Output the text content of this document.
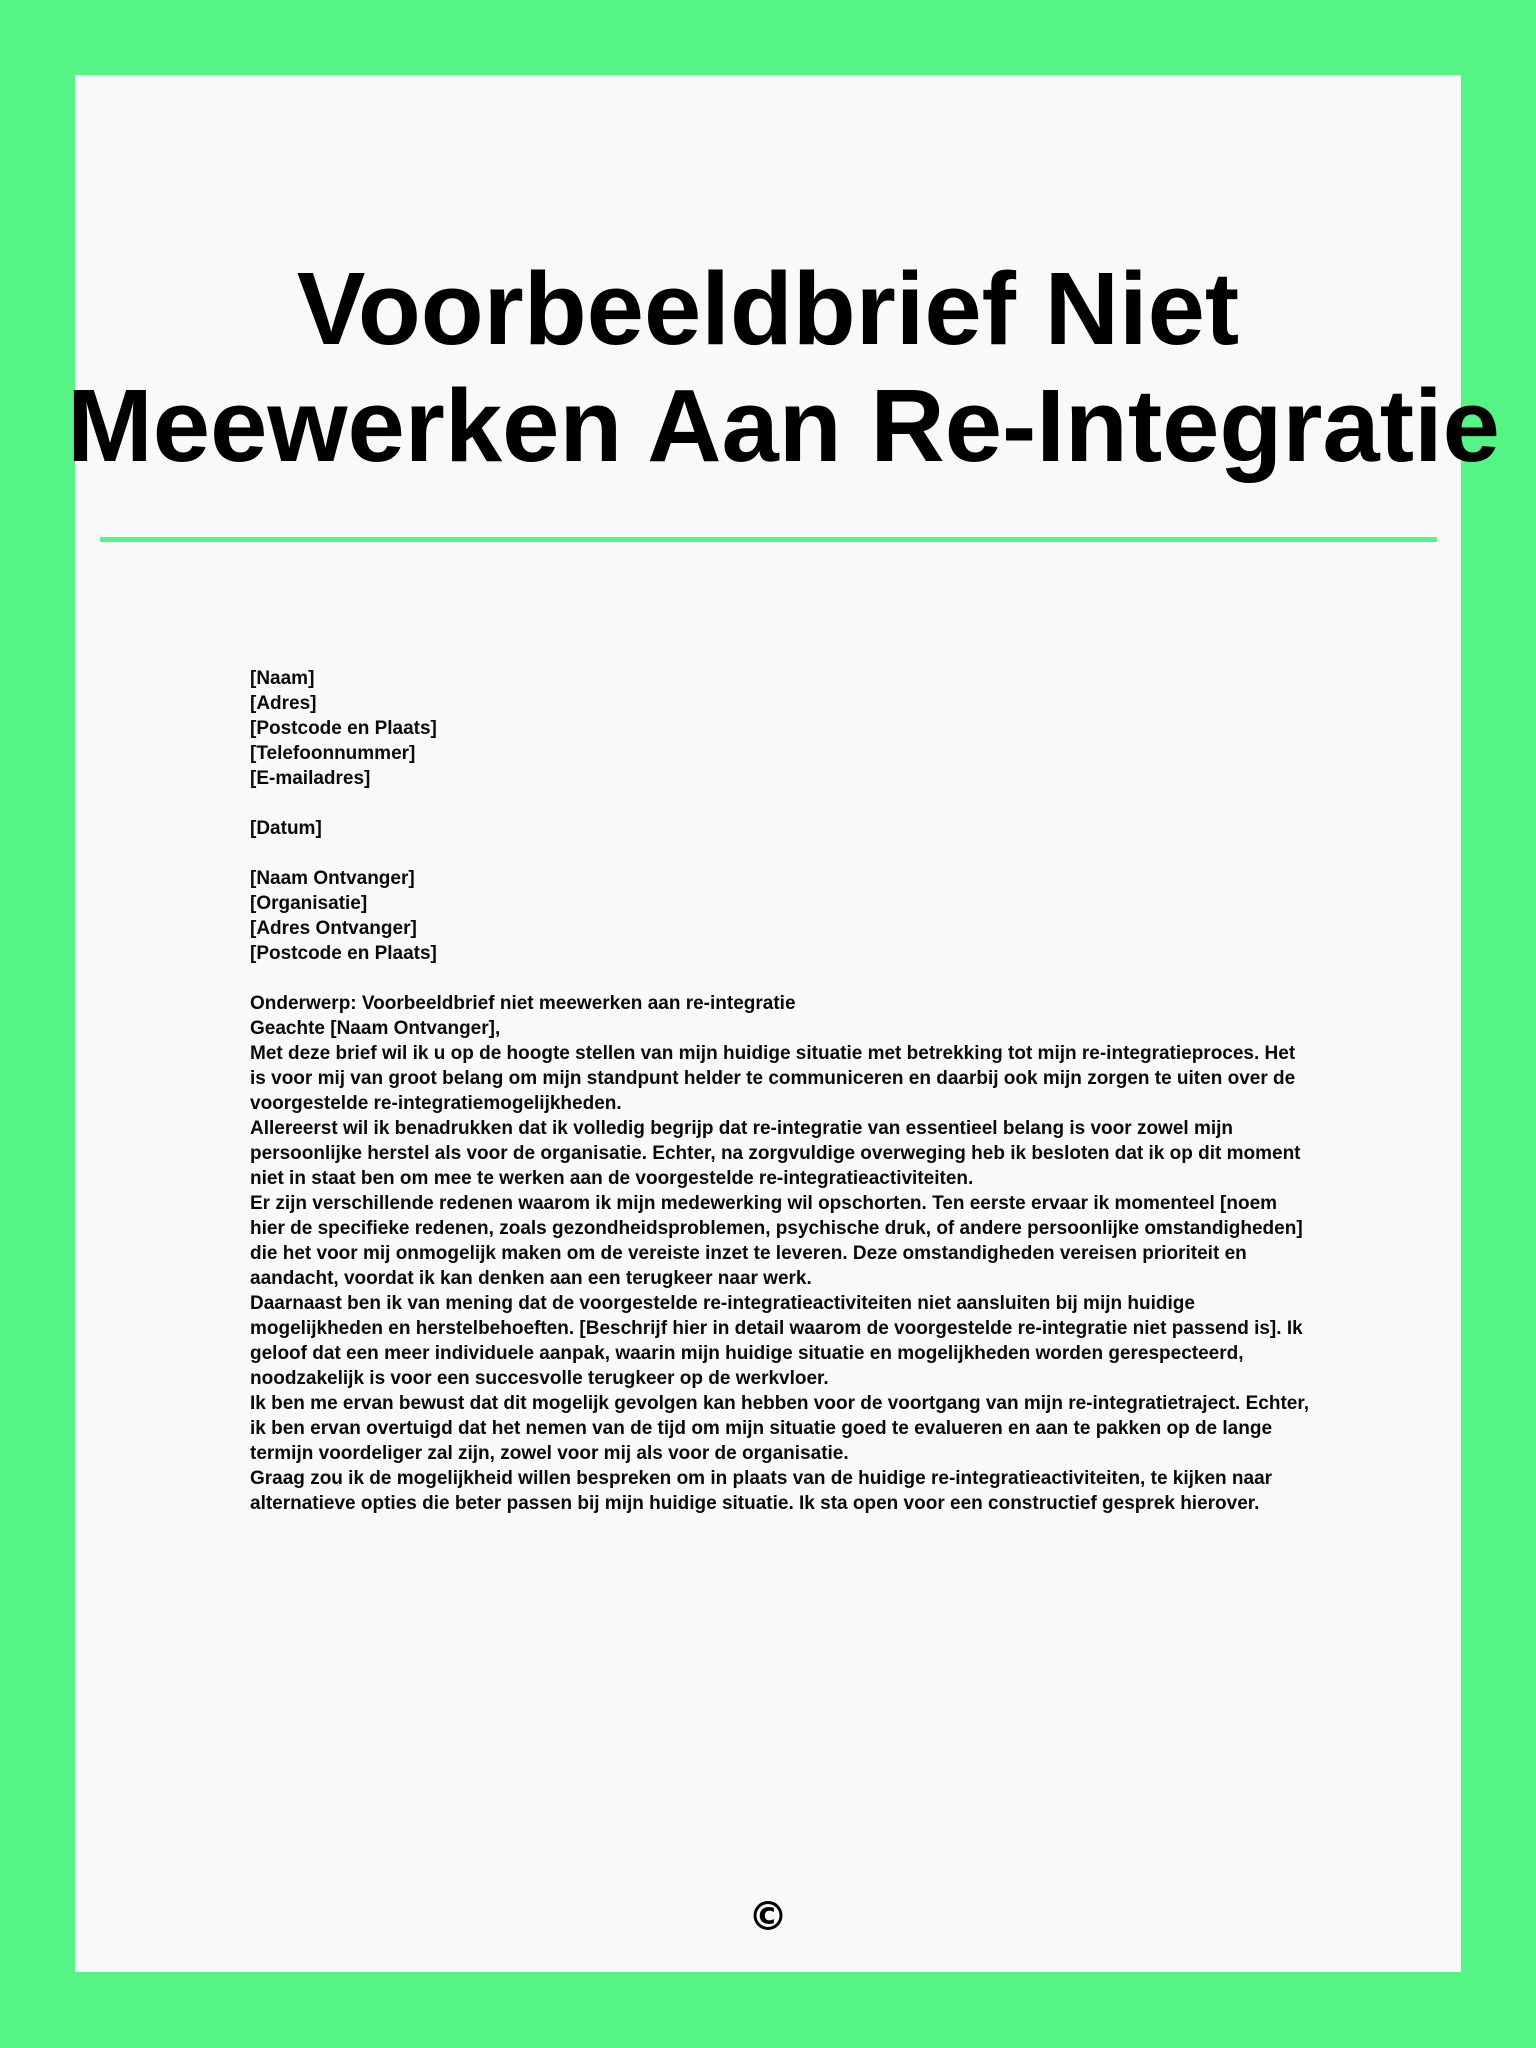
Voorbeeldbrief Niet
Meewerken Aan Re-Integratie

[Naam]

[Adres]

[Postcode en Plaats]

[Telefoonnummer]

[E-mailadres]

[Datum]

[Naam Ontvanger]

[Organisatie]

[Adres Ontvanger]

[Postcode en Plaats]

Onderwerp: Voorbeeldbrief niet meewerken aan re-integratie

Geachte [Naam Ontvanger],

Met deze brief wil ik u op de hoogte stellen van mijn huidige situatie met betrekking tot mijn re-integratieproces. Het is voor mij van groot belang om mijn standpunt helder te communiceren en daarbij ook mijn zorgen te uiten over de voorgestelde re-integratiemogelijkheden.

Allereerst wil ik benadrukken dat ik volledig begrijp dat re-integratie van essentieel belang is voor zowel mijn persoonlijke herstel als voor de organisatie. Echter, na zorgvuldige overweging heb ik besloten dat ik op dit moment niet in staat ben om mee te werken aan de voorgestelde re-integratieactiviteiten.

Er zijn verschillende redenen waarom ik mijn medewerking wil opschorten. Ten eerste ervaar ik momenteel [noem hier de specifieke redenen, zoals gezondheidsproblemen, psychische druk, of andere persoonlijke omstandigheden] die het voor mij onmogelijk maken om de vereiste inzet te leveren. Deze omstandigheden vereisen prioriteit en aandacht, voordat ik kan denken aan een terugkeer naar werk.

Daarnaast ben ik van mening dat de voorgestelde re-integratieactiviteiten niet aansluiten bij mijn huidige mogelijkheden en herstelbehoeften. [Beschrijf hier in detail waarom de voorgestelde re-integratie niet passend is]. Ik geloof dat een meer individuele aanpak, waarin mijn huidige situatie en mogelijkheden worden gerespecteerd, noodzakelijk is voor een succesvolle terugkeer op de werkvloer.

Ik ben me ervan bewust dat dit mogelijk gevolgen kan hebben voor de voortgang van mijn re-integratietraject. Echter, ik ben ervan overtuigd dat het nemen van de tijd om mijn situatie goed te evalueren en aan te pakken op de lange termijn voordeliger zal zijn, zowel voor mij als voor de organisatie.

Graag zou ik de mogelijkheid willen bespreken om in plaats van de huidige re-integratieactiviteiten, te kijken naar alternatieve opties die beter passen bij mijn huidige situatie. Ik sta open voor een constructief gesprek hierover.

©
